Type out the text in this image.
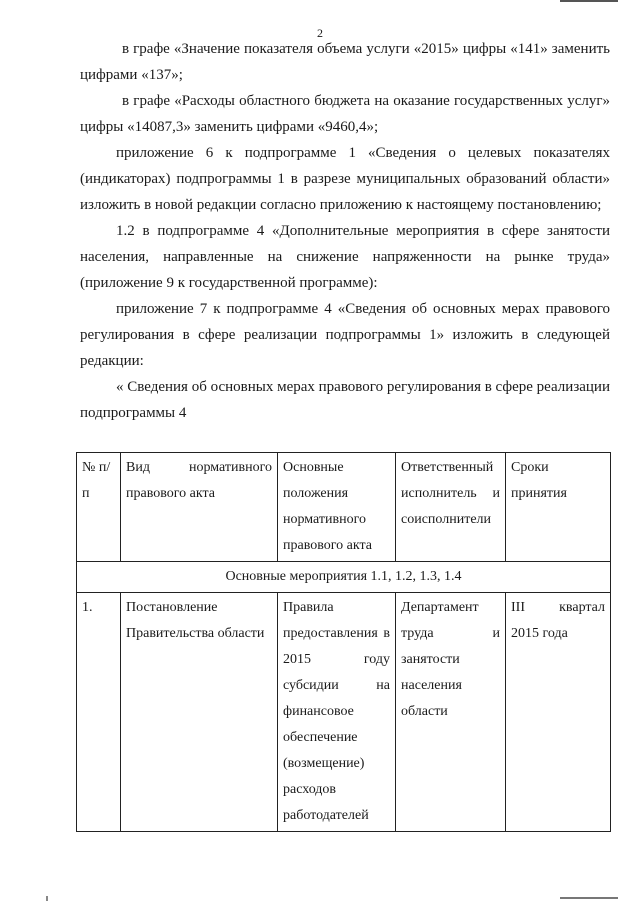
2

в графе «Значение показателя объема услуги «2015» цифры «141» заменить цифрами «137»;

в графе «Расходы областного бюджета на оказание государственных услуг» цифры «14087,3» заменить цифрами «9460,4»;

приложение 6 к подпрограмме 1 «Сведения о целевых показателях (индикаторах) подпрограммы 1 в разрезе муниципальных образований области» изложить в новой редакции согласно приложению к настоящему постановлению;

1.2 в подпрограмме 4 «Дополнительные мероприятия в сфере занятости населения, направленные на снижение напряженности на рынке труда» (приложение 9 к государственной программе):

приложение 7 к подпрограмме 4 «Сведения об основных мерах правового регулирования в сфере реализации подпрограммы 1» изложить в следующей редакции:

« Сведения об основных мерах правового регулирования в сфере реализации подпрограммы 4

№ п/п	Вид нормативного правового акта	Основные положения нормативного правового акта	Ответственный исполнитель и соисполнители	Сроки принятия
Основные мероприятия 1.1, 1.2, 1.3, 1.4				
1.	Постановление Правительства области	Правила предоставления в 2015 году субсидии на финансовое обеспечение (возмещение) расходов работодателей	Департамент труда и занятости населения области	III квартал 2015 года
